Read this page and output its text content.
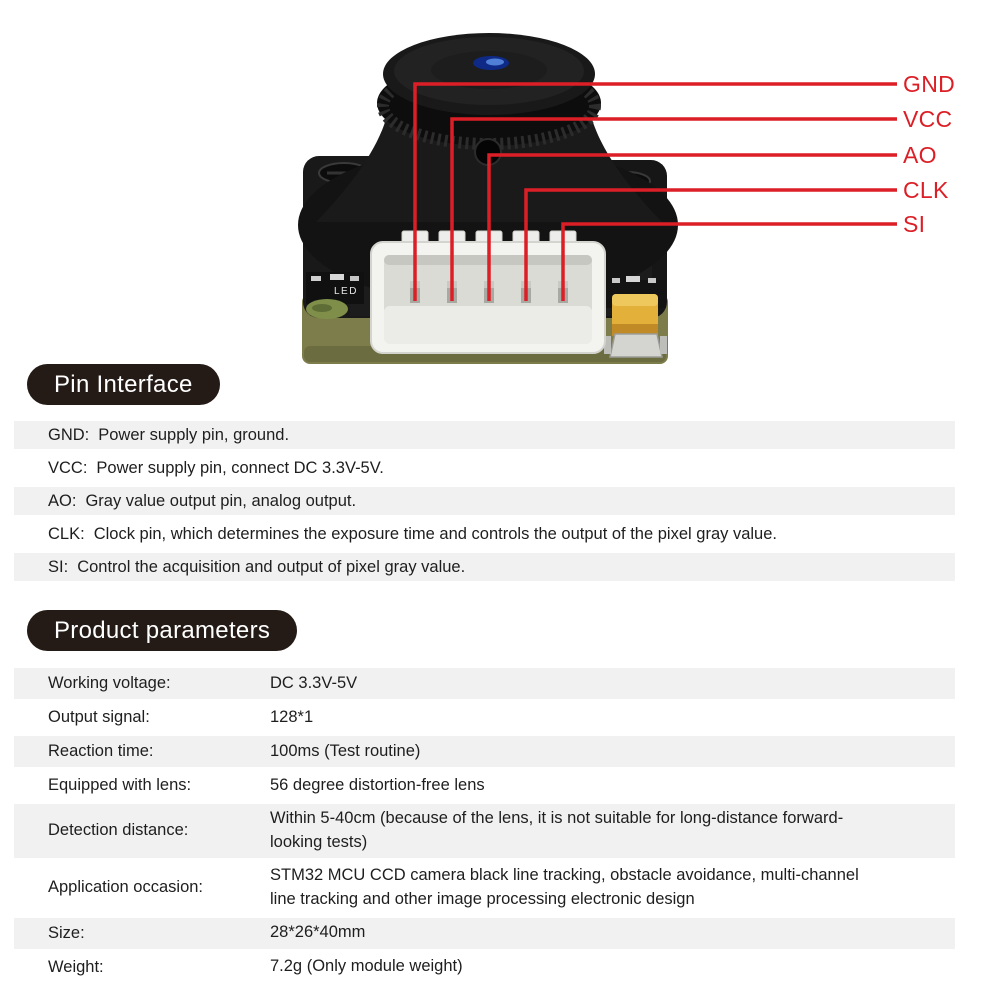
LED
GND
VCC
AO
CLK
SI
Pin Interface
GND: Power supply pin, ground.
VCC: Power supply pin, connect DC 3.3V-5V.
AO: Gray value output pin, analog output.
CLK: Clock pin, which determines the exposure time and controls the output of the pixel gray value.
SI: Control the acquisition and output of pixel gray value.
Product parameters
Working voltage:	DC 3.3V-5V
Output signal:	128*1
Reaction time:	100ms (Test routine)
Equipped with lens:	56 degree distortion-free lens
Detection distance:
Within 5-40cm (because of the lens, it is not suitable for long-distance forward-looking tests)
Application occasion:
STM32 MCU CCD camera black line tracking, obstacle avoidance, multi-channel line tracking and other image processing electronic design
Size:	28*26*40mm
Weight:	7.2g (Only module weight)
